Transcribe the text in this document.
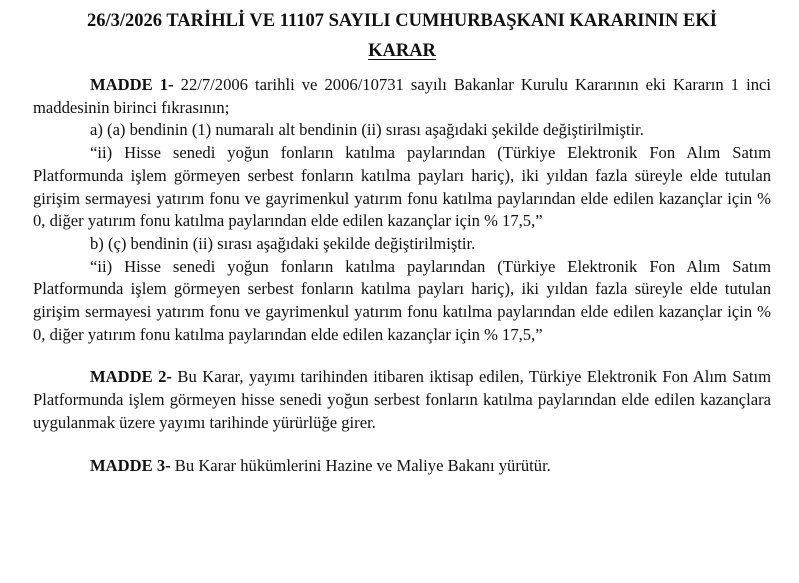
26/3/2026 TARİHLİ VE 11107 SAYILI CUMHURBAŞKANI KARARININ EKİ
KARAR

MADDE 1- 22/7/2006 tarihli ve 2006/10731 sayılı Bakanlar Kurulu Kararının eki Kararın 1 inci maddesinin birinci fıkrasının;

a) (a) bendinin (1) numaralı alt bendinin (ii) sırası aşağıdaki şekilde değiştirilmiştir.

“ii) Hisse senedi yoğun fonların katılma paylarından (Türkiye Elektronik Fon Alım Satım Platformunda işlem görmeyen serbest fonların katılma payları hariç), iki yıldan fazla süreyle elde tutulan girişim sermayesi yatırım fonu ve gayrimenkul yatırım fonu katılma paylarından elde edilen kazançlar için % 0, diğer yatırım fonu katılma paylarından elde edilen kazançlar için % 17,5,”

b) (ç) bendinin (ii) sırası aşağıdaki şekilde değiştirilmiştir.

“ii) Hisse senedi yoğun fonların katılma paylarından (Türkiye Elektronik Fon Alım Satım Platformunda işlem görmeyen serbest fonların katılma payları hariç), iki yıldan fazla süreyle elde tutulan girişim sermayesi yatırım fonu ve gayrimenkul yatırım fonu katılma paylarından elde edilen kazançlar için % 0, diğer yatırım fonu katılma paylarından elde edilen kazançlar için % 17,5,”

MADDE 2- Bu Karar, yayımı tarihinden itibaren iktisap edilen, Türkiye Elektronik Fon Alım Satım Platformunda işlem görmeyen hisse senedi yoğun serbest fonların katılma paylarından elde edilen kazançlara uygulanmak üzere yayımı tarihinde yürürlüğe girer.

MADDE 3- Bu Karar hükümlerini Hazine ve Maliye Bakanı yürütür.
